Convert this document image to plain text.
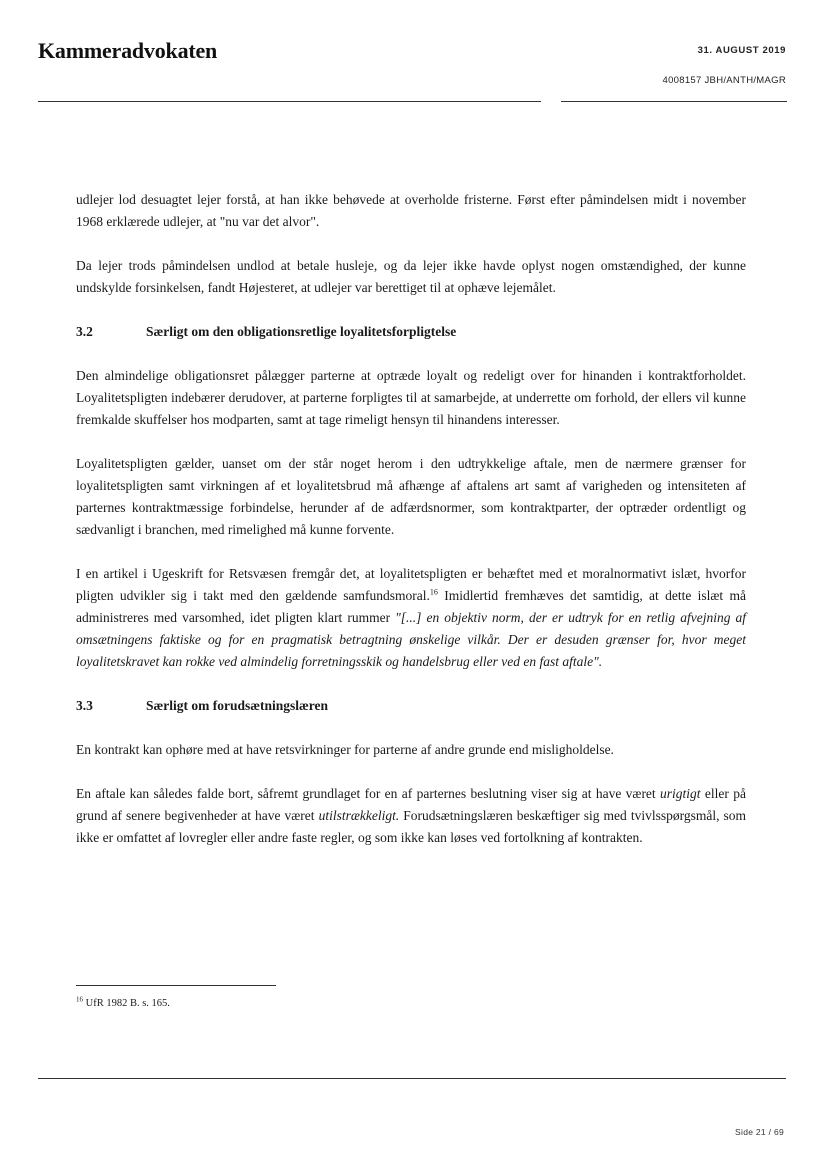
Kammeradvokaten	31. AUGUST 2019
4008157 JBH/ANTH/MAGR

udlejer lod desuagtet lejer forstå, at han ikke behøvede at overholde fristerne. Først efter påmindelsen midt i november 1968 erklærede udlejer, at "nu var det alvor".

Da lejer trods påmindelsen undlod at betale husleje, og da lejer ikke havde oplyst nogen omstændighed, der kunne undskylde forsinkelsen, fandt Højesteret, at udlejer var berettiget til at ophæve lejemålet.

3.2	Særligt om den obligationsretlige loyalitetsforpligtelse

Den almindelige obligationsret pålægger parterne at optræde loyalt og redeligt over for hinanden i kontraktforholdet. Loyalitetspligten indebærer derudover, at parterne forpligtes til at samarbejde, at underrette om forhold, der ellers vil kunne fremkalde skuffelser hos modparten, samt at tage rimeligt hensyn til hinandens interesser.

Loyalitetspligten gælder, uanset om der står noget herom i den udtrykkelige aftale, men de nærmere grænser for loyalitetspligten samt virkningen af et loyalitetsbrud må afhænge af aftalens art samt af varigheden og intensiteten af parternes kontraktmæssige forbindelse, herunder af de adfærdsnormer, som kontraktparter, der optræder ordentligt og sædvanligt i branchen, med rimelighed må kunne forvente.

I en artikel i Ugeskrift for Retsvæsen fremgår det, at loyalitetspligten er behæftet med et moralnormativt islæt, hvorfor pligten udvikler sig i takt med den gældende samfundsmoral.$^{16}$ Imidlertid fremhæves det samtidig, at dette islæt må administreres med varsomhed, idet pligten klart rummer "[...] en objektiv norm, der er udtryk for en retlig afvejning af omsætningens faktiske og for en pragmatisk betragtning ønskelige vilkår. Der er desuden grænser for, hvor meget loyalitetskravet kan rokke ved almindelig forretningsskik og handelsbrug eller ved en fast aftale".

3.3	Særligt om forudsætningslæren

En kontrakt kan ophøre med at have retsvirkninger for parterne af andre grunde end misligholdelse.

En aftale kan således falde bort, såfremt grundlaget for en af parternes beslutning viser sig at have været urigtigt eller på grund af senere begivenheder at have været utilstrækkeligt. Forudsætningslæren beskæftiger sig med tvivlsspørgsmål, som ikke er omfattet af lovregler eller andre faste regler, og som ikke kan løses ved fortolkning af kontrakten.

$^{16}$ UfR 1982 B. s. 165.
Side 21 / 69
